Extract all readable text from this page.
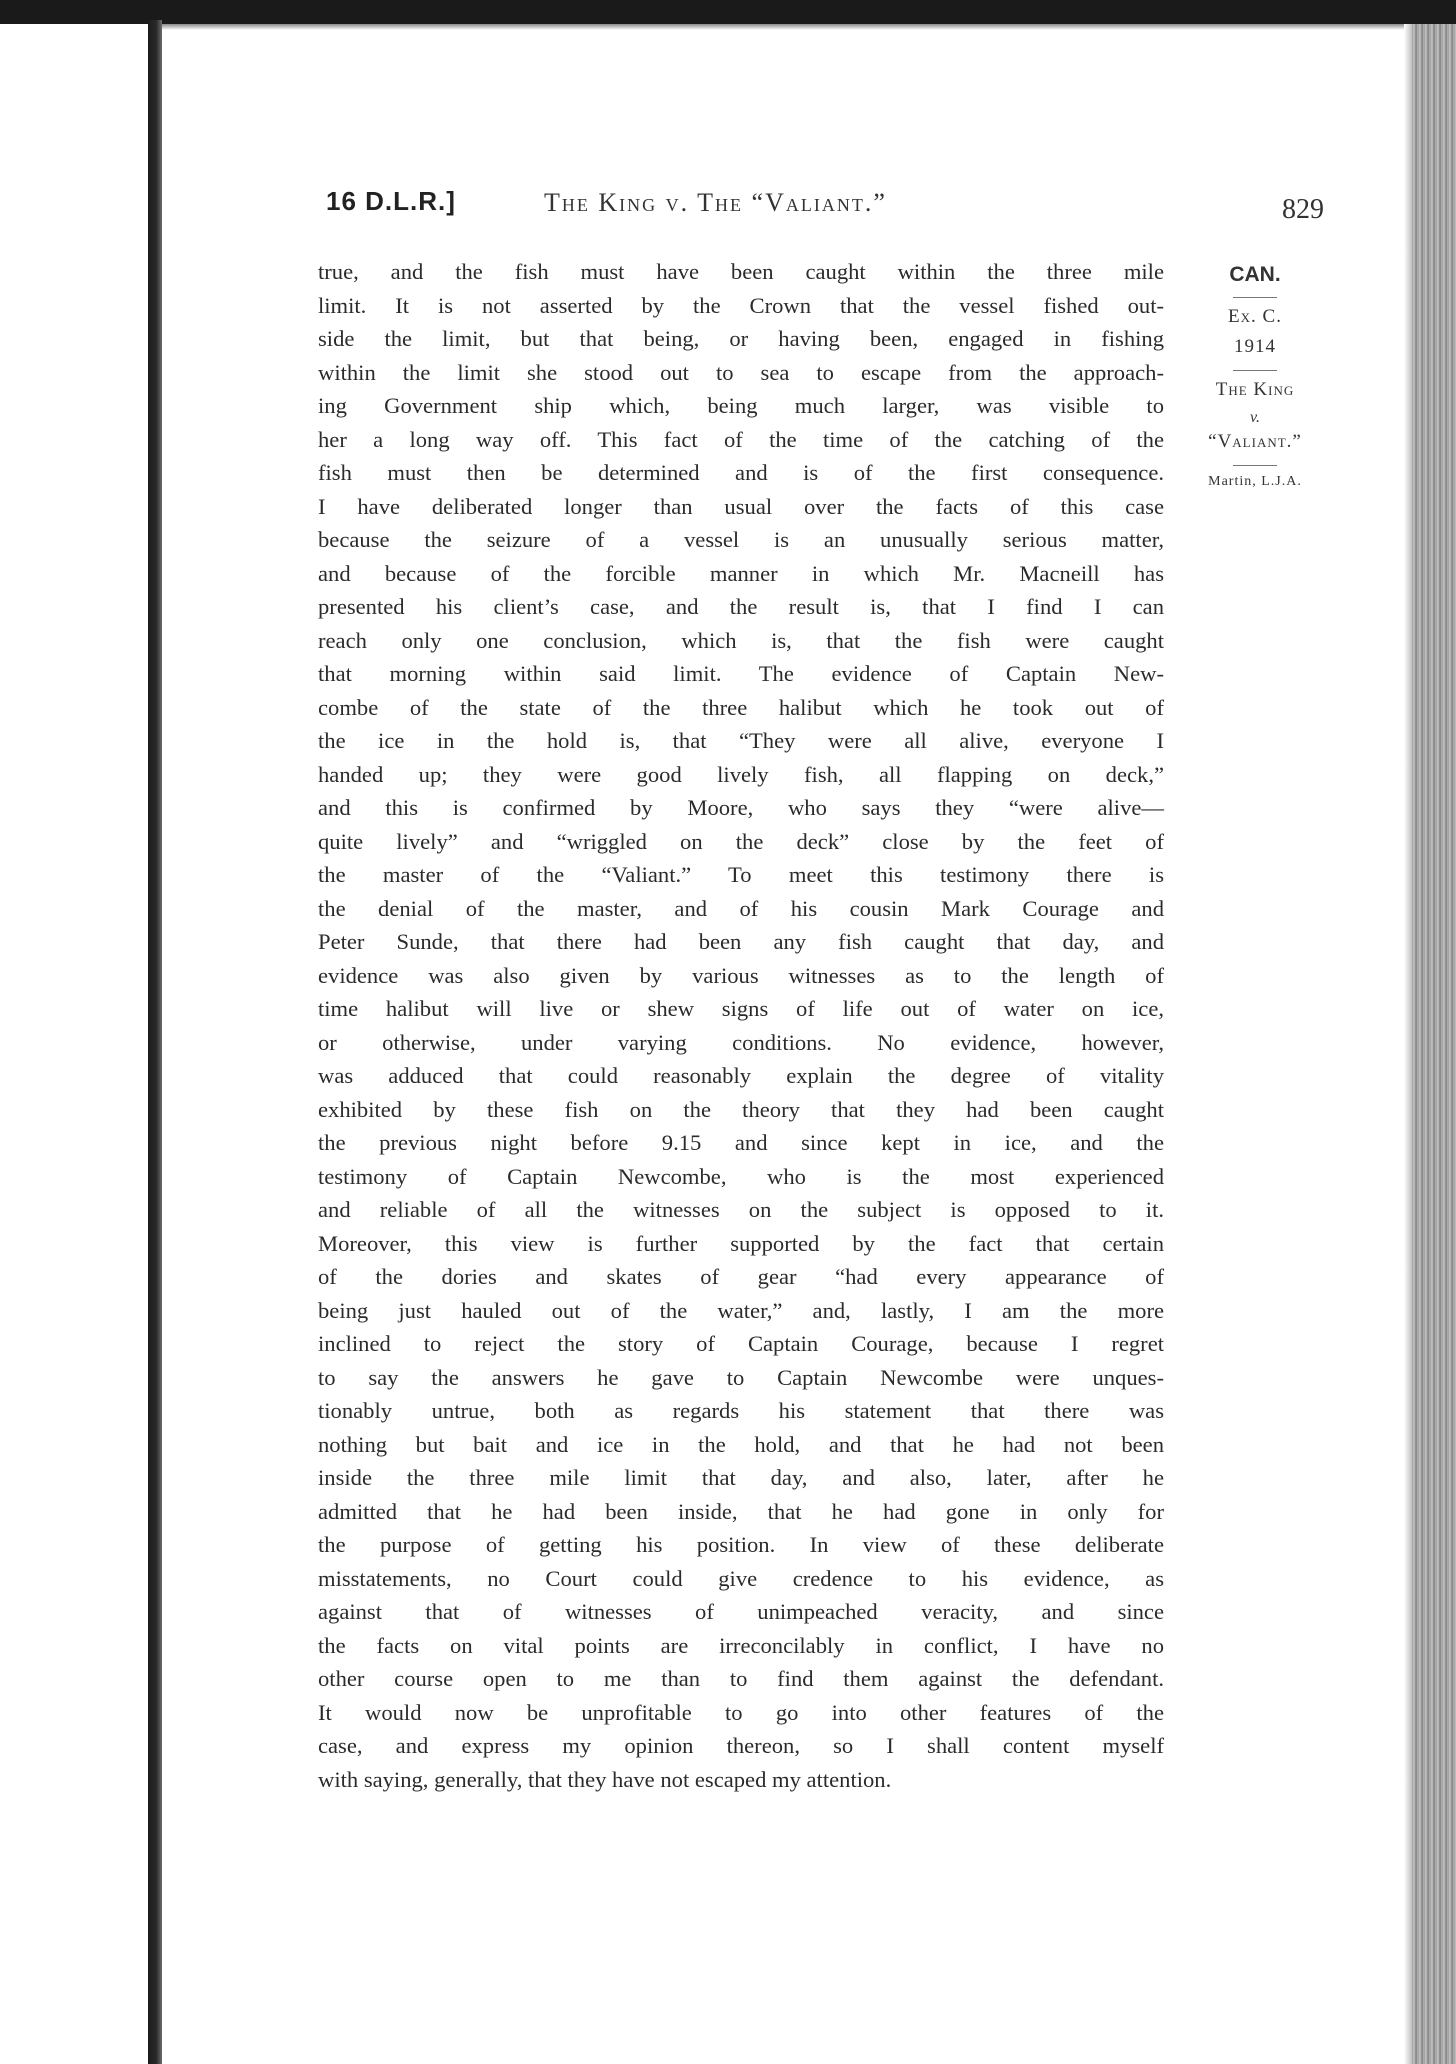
16 D.L.R.]	The King v. The “Valiant.”	829
true, and the fish must have been caught within the three mile
limit. It is not asserted by the Crown that the vessel fished out-
side the limit, but that being, or having been, engaged in fishing
within the limit she stood out to sea to escape from the approach-
ing Government ship which, being much larger, was visible to
her a long way off. This fact of the time of the catching of the
fish must then be determined and is of the first consequence.
I have deliberated longer than usual over the facts of this case
because the seizure of a vessel is an unusually serious matter,
and because of the forcible manner in which Mr. Macneill has
presented his client’s case, and the result is, that I find I can
reach only one conclusion, which is, that the fish were caught
that morning within said limit. The evidence of Captain New-
combe of the state of the three halibut which he took out of
the ice in the hold is, that “They were all alive, everyone I
handed up; they were good lively fish, all flapping on deck,”
and this is confirmed by Moore, who says they “were alive—
quite lively” and “wriggled on the deck” close by the feet of
the master of the “Valiant.” To meet this testimony there is
the denial of the master, and of his cousin Mark Courage and
Peter Sunde, that there had been any fish caught that day, and
evidence was also given by various witnesses as to the length of
time halibut will live or shew signs of life out of water on ice,
or otherwise, under varying conditions. No evidence, however,
was adduced that could reasonably explain the degree of vitality
exhibited by these fish on the theory that they had been caught
the previous night before 9.15 and since kept in ice, and the
testimony of Captain Newcombe, who is the most experienced
and reliable of all the witnesses on the subject is opposed to it.
Moreover, this view is further supported by the fact that certain
of the dories and skates of gear “had every appearance of
being just hauled out of the water,” and, lastly, I am the more
inclined to reject the story of Captain Courage, because I regret
to say the answers he gave to Captain Newcombe were unques-
tionably untrue, both as regards his statement that there was
nothing but bait and ice in the hold, and that he had not been
inside the three mile limit that day, and also, later, after he
admitted that he had been inside, that he had gone in only for
the purpose of getting his position. In view of these deliberate
misstatements, no Court could give credence to his evidence, as
against that of witnesses of unimpeached veracity, and since
the facts on vital points are irreconcilably in conflict, I have no
other course open to me than to find them against the defendant.
It would now be unprofitable to go into other features of the
case, and express my opinion thereon, so I shall content myself
with saying, generally, that they have not escaped my attention.
CAN.
Ex. C.
1914
The King
v.
“Valiant.”
Martin, L.J.A.
